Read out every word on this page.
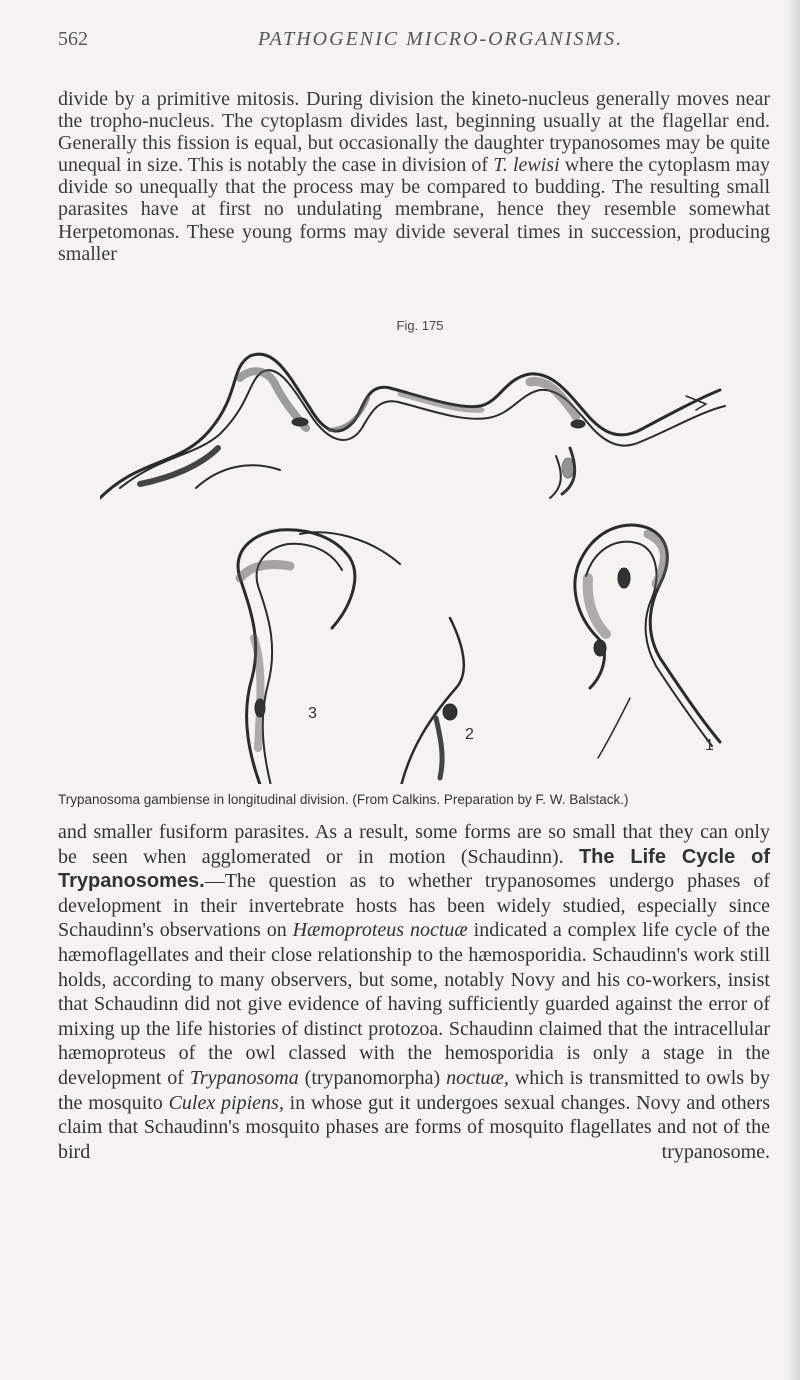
562	PATHOGENIC MICRO-ORGANISMS.

divide by a primitive mitosis. During division the kineto-nucleus generally moves near the tropho-nucleus. The cytoplasm divides last, beginning usually at the flagellar end. Generally this fission is equal, but occasionally the daughter trypanosomes may be quite unequal in size. This is notably the case in division of T. lewisi where the cytoplasm may divide so unequally that the process may be compared to budding. The resulting small parasites have at first no undulating membrane, hence they resemble somewhat Herpetomonas. These young forms may divide several times in succession, producing smaller

Fig. 175
3
2
1
Trypanosoma gambiense in longitudinal division. (From Calkins. Preparation by F. W. Balstack.)

and smaller fusiform parasites. As a result, some forms are so small that they can only be seen when agglomerated or in motion (Schaudinn). The Life Cycle of Trypanosomes.—The question as to whether trypanosomes undergo phases of development in their invertebrate hosts has been widely studied, especially since Schaudinn's observations on Hæmoproteus noctuæ indicated a complex life cycle of the hæmoflagellates and their close relationship to the hæmosporidia. Schaudinn's work still holds, according to many observers, but some, notably Novy and his co-workers, insist that Schaudinn did not give evidence of having sufficiently guarded against the error of mixing up the life histories of distinct protozoa. Schaudinn claimed that the intracellular hæmoproteus of the owl classed with the hemosporidia is only a stage in the development of Trypanosoma (trypanomorpha) noctuæ, which is transmitted to owls by the mosquito Culex pipiens, in whose gut it undergoes sexual changes. Novy and others claim that Schaudinn's mosquito phases are forms of mosquito flagellates and not of the bird trypanosome.
